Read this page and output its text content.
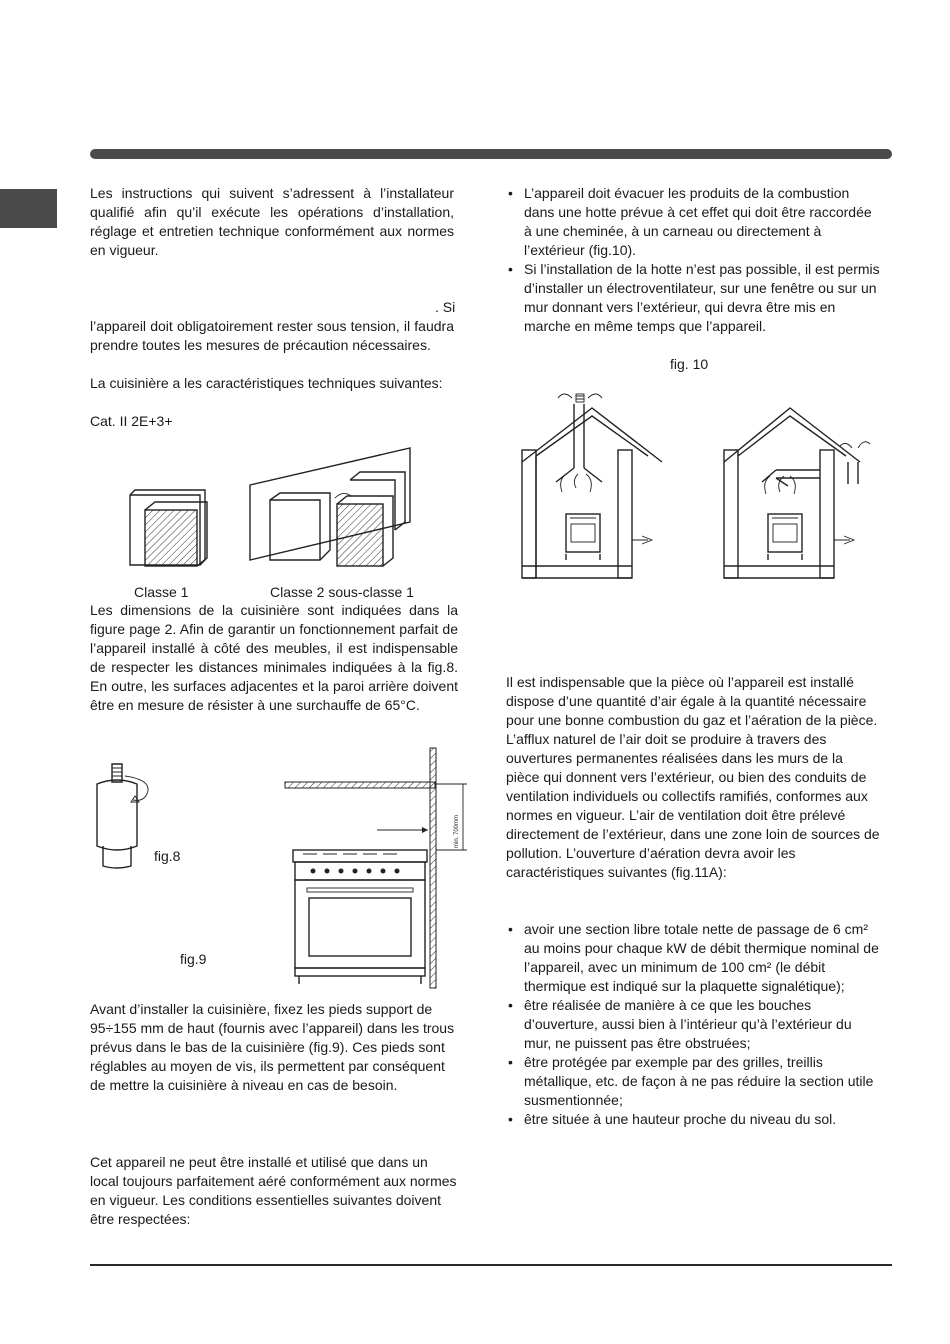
Les instructions qui suivent s’adressent à l’installateur qualifié afin qu’il exécute les opérations d’installation, réglage et entretien technique conformément aux normes en vigueur.

. Si

l’appareil doit obligatoirement rester sous tension, il faudra prendre toutes les mesures de précaution nécessaires.

La cuisinière a les caractéristiques techniques suivantes:

Cat. II 2E+3+

Classe 1	Classe 2 sous-classe 1

Les dimensions de la cuisinière sont indiquées dans la figure page 2. Afin de garantir un fonctionnement parfait de l’appareil installé à côté des meubles, il est indispensable de respecter les distances minimales indiquées à la fig.8. En outre, les surfaces adjacentes et la paroi arrière doivent être en mesure de résister à une surchauffe de 65°C.

fig.8
min. 700mm
fig.9

Avant d’installer la cuisinière, fixez les pieds support de 95÷155 mm de haut (fournis avec l’appareil) dans les trous prévus dans le bas de la cuisinière (fig.9). Ces pieds sont réglables au moyen de vis, ils permettent par conséquent de mettre la cuisinière à niveau en cas de besoin.

Cet appareil ne peut être installé et utilisé que dans un local toujours parfaitement aéré conformément aux normes en vigueur. Les conditions essentielles suivantes doivent être respectées:

• L’appareil doit évacuer les produits de la combustion dans une hotte prévue à cet effet qui doit être raccordée à une cheminée, à un carneau ou directement à l’extérieur (fig.10).
• Si l’installation de la hotte n’est pas possible, il est permis d’installer un électroventilateur, sur une fenêtre ou sur un mur donnant vers l’extérieur, qui devra être mis en marche en même temps que l’appareil.
fig. 10

Il est indispensable que la pièce où l’appareil est installé dispose d’une quantité d’air égale à la quantité nécessaire pour une bonne combustion du gaz et l’aération de la pièce. L’afflux naturel de l’air doit se produire à travers des ouvertures permanentes réalisées dans les murs de la pièce qui donnent vers l’extérieur, ou bien des conduits de ventilation individuels ou collectifs ramifiés, conformes aux normes en vigueur. L’air de ventilation doit être prélevé directement de l’extérieur, dans une zone loin de sources de pollution. L’ouverture d’aération devra avoir les caractéristiques suivantes (fig.11A):

• avoir une section libre totale nette de passage de 6 cm² au moins pour chaque kW de débit thermique nominal de l’appareil, avec un minimum de 100 cm² (le débit thermique est indiqué sur la plaquette signalétique);
• être réalisée de manière à ce que les bouches d’ouverture, aussi bien à l’intérieur qu’à l’extérieur du mur, ne puissent pas être obstruées;
• être protégée par exemple par des grilles, treillis métallique, etc. de façon à ne pas réduire la section utile susmentionnée;
• être située à une hauteur proche du niveau du sol.
